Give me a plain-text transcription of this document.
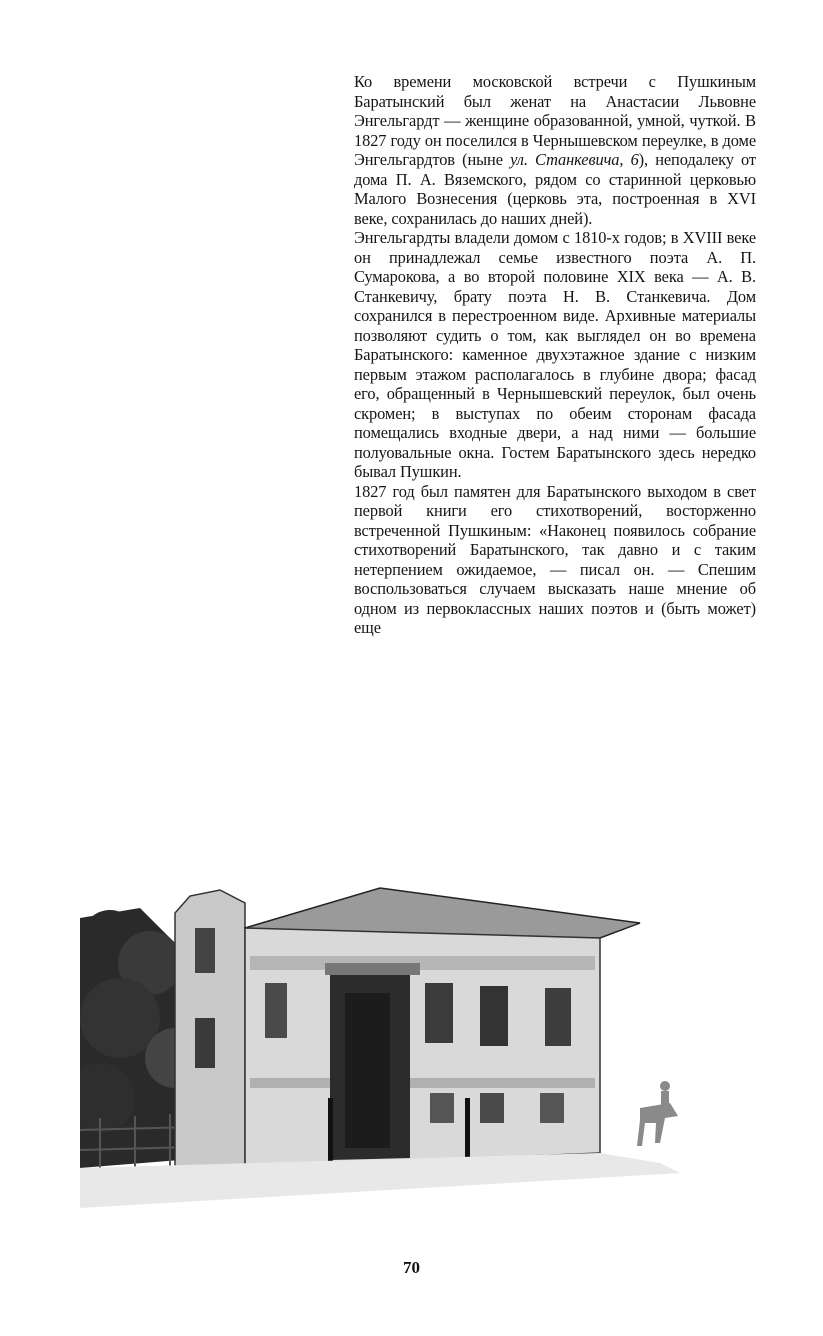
Ко времени московской встречи с Пушкиным Баратынский был женат на Анастасии Львовне Энгельгардт — женщине образованной, умной, чуткой. В 1827 году он поселился в Чернышевском переулке, в доме Энгельгардтов (ныне ул. Станкевича, 6), неподалеку от дома П. А. Вяземского, рядом со старинной церковью Малого Вознесения (церковь эта, построенная в XVI веке, сохранилась до наших дней).

Энгельгардты владели домом с 1810-х годов; в XVIII веке он принадлежал семье известного поэта А. П. Сумарокова, а во второй половине XIX века — А. В. Станкевичу, брату поэта Н. В. Станкевича. Дом сохранился в перестроенном виде. Архивные материалы позволяют судить о том, как выглядел он во времена Баратынского: каменное двухэтажное здание с низким первым этажом располагалось в глубине двора; фасад его, обращенный в Чернышевский переулок, был очень скромен; в выступах по обеим сторонам фасада помещались входные двери, а над ними — большие полуовальные окна. Гостем Баратынского здесь нередко бывал Пушкин.

1827 год был памятен для Баратынского выходом в свет первой книги его стихотворений, восторженно встреченной Пушкиным: «Наконец появилось собрание стихотворений Баратынского, так давно и с таким нетерпением ожидаемое, — писал он. — Спешим воспользоваться случаем высказать наше мнение об одном из первоклассных наших поэтов и (быть может) еще

70
